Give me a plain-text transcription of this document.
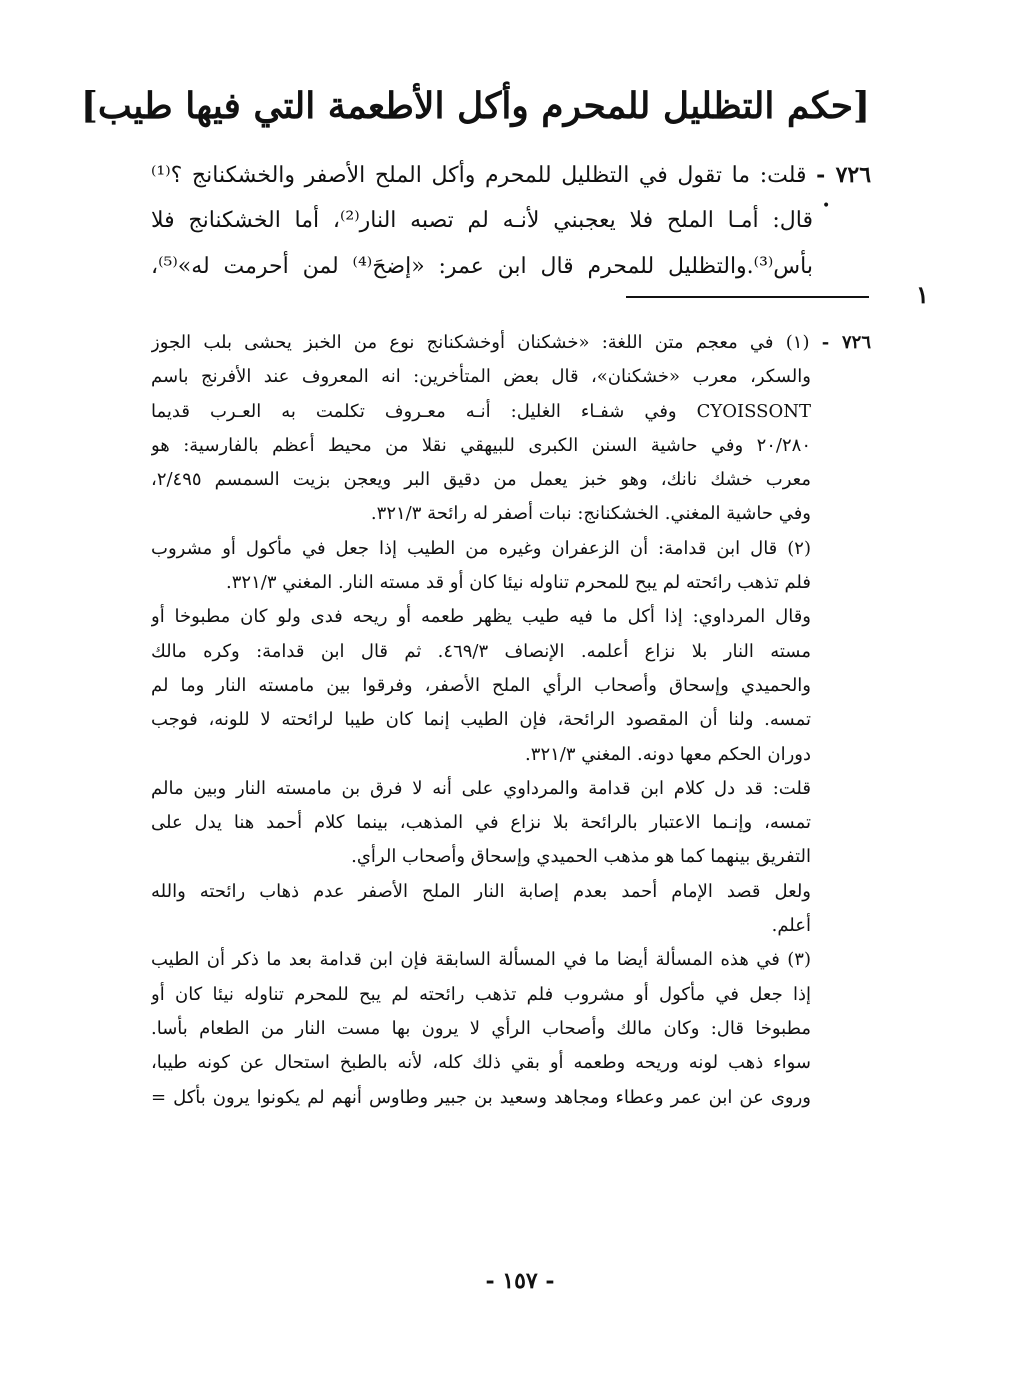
[حكم التظليل للمحرم وأكل الأطعمة التي فيها طيب]
٧٢٦ - قلت: ما تقول في التظليل للمحرم وأكل الملح الأصفر والخشكنانج ؟⁽¹⁾
قال: أمـا الملح فلا يعجبني لأنـه لم تصبه النار⁽²⁾، أما الخشكنانج فلا
بأس⁽³⁾.والتظليل للمحرم قال ابن عمر: «إضحَ⁽⁴⁾ لمن أحرمت له»⁽⁵⁾،
•
١
٧٢٦ - (١) في معجم متن اللغة: «خشكنان أوخشكنانج نوع من الخبز يحشى بلب الجوز
والسكر، معرب «خشكنان»، قال بعض المتأخرين: انه المعروف عند الأفرنج باسم
CYOISSONT وفي شفـاء الغليل: أنـه معـروف تكلمت به العـرب قديما
٢٠/٢٨٠ وفي حاشية السنن الكبرى للبيهقي نقلا من محيط أعظم بالفارسية: هو
معرب خشك نانك، وهو خبز يعمل من دقيق البر ويعجن بزيت السمسم ٢/٤٩٥،
وفي حاشية المغني. الخشكنانج: نبات أصفر له رائحة ٣٢١/٣.
(٢) قال ابن قدامة: أن الزعفران وغيره من الطيب إذا جعل في مأكول أو مشروب
فلم تذهب رائحته لم يبح للمحرم تناوله نيئا كان أو قد مسته النار. المغني ٣٢١/٣.
وقال المرداوي: إذا أكل ما فيه طيب يظهر طعمه أو ريحه فدى ولو كان مطبوخا أو
مسته النار بلا نزاع أعلمه. الإنصاف ٤٦٩/٣. ثم قال ابن قدامة: وكره مالك
والحميدي وإسحاق وأصحاب الرأي الملح الأصفر، وفرقوا بين مامسته النار وما لم
تمسه. ولنا أن المقصود الرائحة، فإن الطيب إنما كان طيبا لرائحته لا للونه، فوجب
دوران الحكم معها دونه. المغني ٣٢١/٣.
قلت: قد دل كلام ابن قدامة والمرداوي على أنه لا فرق بن مامسته النار وبين مالم
تمسه، وإنـما الاعتبار بالرائحة بلا نزاع في المذهب، بينما كلام أحمد هنا يدل على
التفريق بينهما كما هو مذهب الحميدي وإسحاق وأصحاب الرأي.
ولعل قصد الإمام أحمد بعدم إصابة النار الملح الأصفر عدم ذهاب رائحته والله
أعلم.
(٣) في هذه المسألة أيضا ما في المسألة السابقة فإن ابن قدامة بعد ما ذكر أن الطيب
إذا جعل في مأكول أو مشروب فلم تذهب رائحته لم يبح للمحرم تناوله نيئا كان أو
مطبوخا قال: وكان مالك وأصحاب الرأي لا يرون بها مست النار من الطعام بأسا.
سواء ذهب لونه وريحه وطعمه أو بقي ذلك كله، لأنه بالطبخ استحال عن كونه طيبا،
وروى عن ابن عمر وعطاء ومجاهد وسعيد بن جبير وطاوس أنهم لم يكونوا يرون بأكل =
- ١٥٧ -
